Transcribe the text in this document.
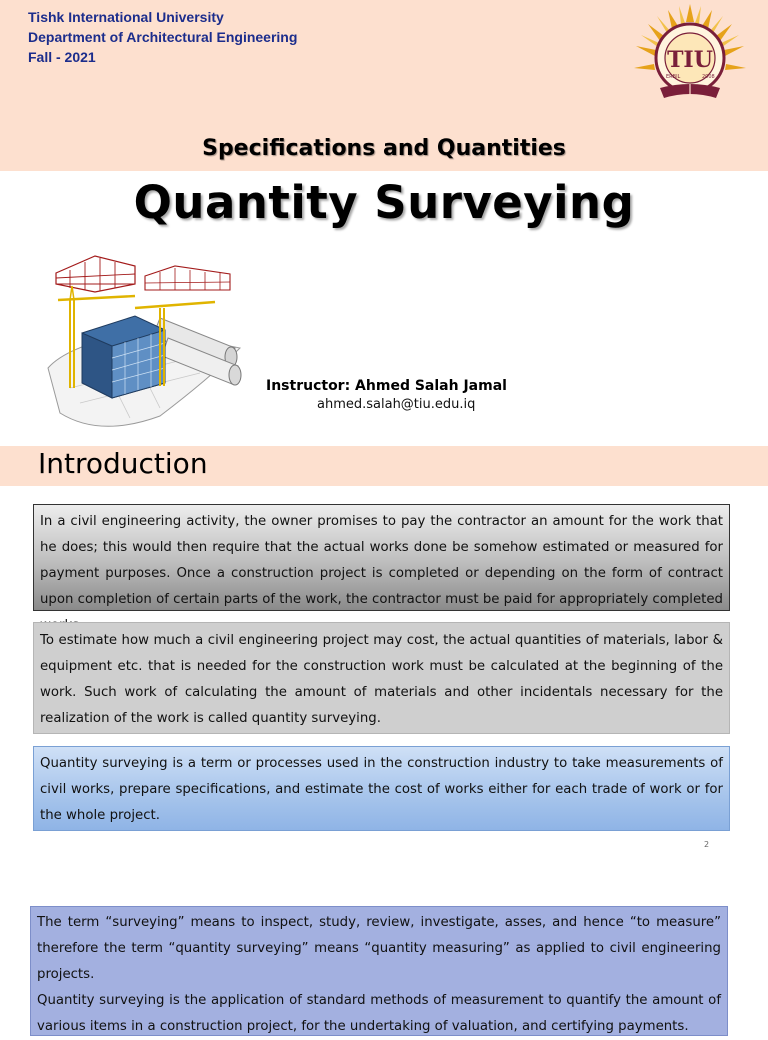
Tishk International University
Department of Architectural Engineering
Fall - 2021	TIU
ERBIL	2008
Specifications and Quantities
Quantity Surveying
Instructor: Ahmed Salah Jamal
ahmed.salah@tiu.edu.iq
Introduction
In a civil engineering activity, the owner promises to pay the contractor an amount for the work that he does; this would then require that the actual works done be somehow estimated or measured for payment purposes. Once a construction project is completed or depending on the form of contract upon completion of certain parts of the work, the contractor must be paid for appropriately completed
To estimate how much a civil engineering project may cost, the actual quantities of materials, labor & equipment etc. that is needed for the construction work must be calculated at the beginning of the work. Such work of calculating the amount of materials and other incidentals necessary for the realization of the work is called quantity surveying.
Quantity surveying is a term or processes used in the construction industry to take measurements of civil works, prepare specifications, and estimate the cost of works either for each trade of work or for the whole project.
2

The term “surveying” means to inspect, study, review, investigate, asses, and hence “to measure” therefore the term “quantity surveying” means “quantity measuring” as applied to civil engineering projects.

Quantity surveying is the application of standard methods of measurement to quantify the amount of various items in a construction project, for the undertaking of valuation, and certifying payments.
